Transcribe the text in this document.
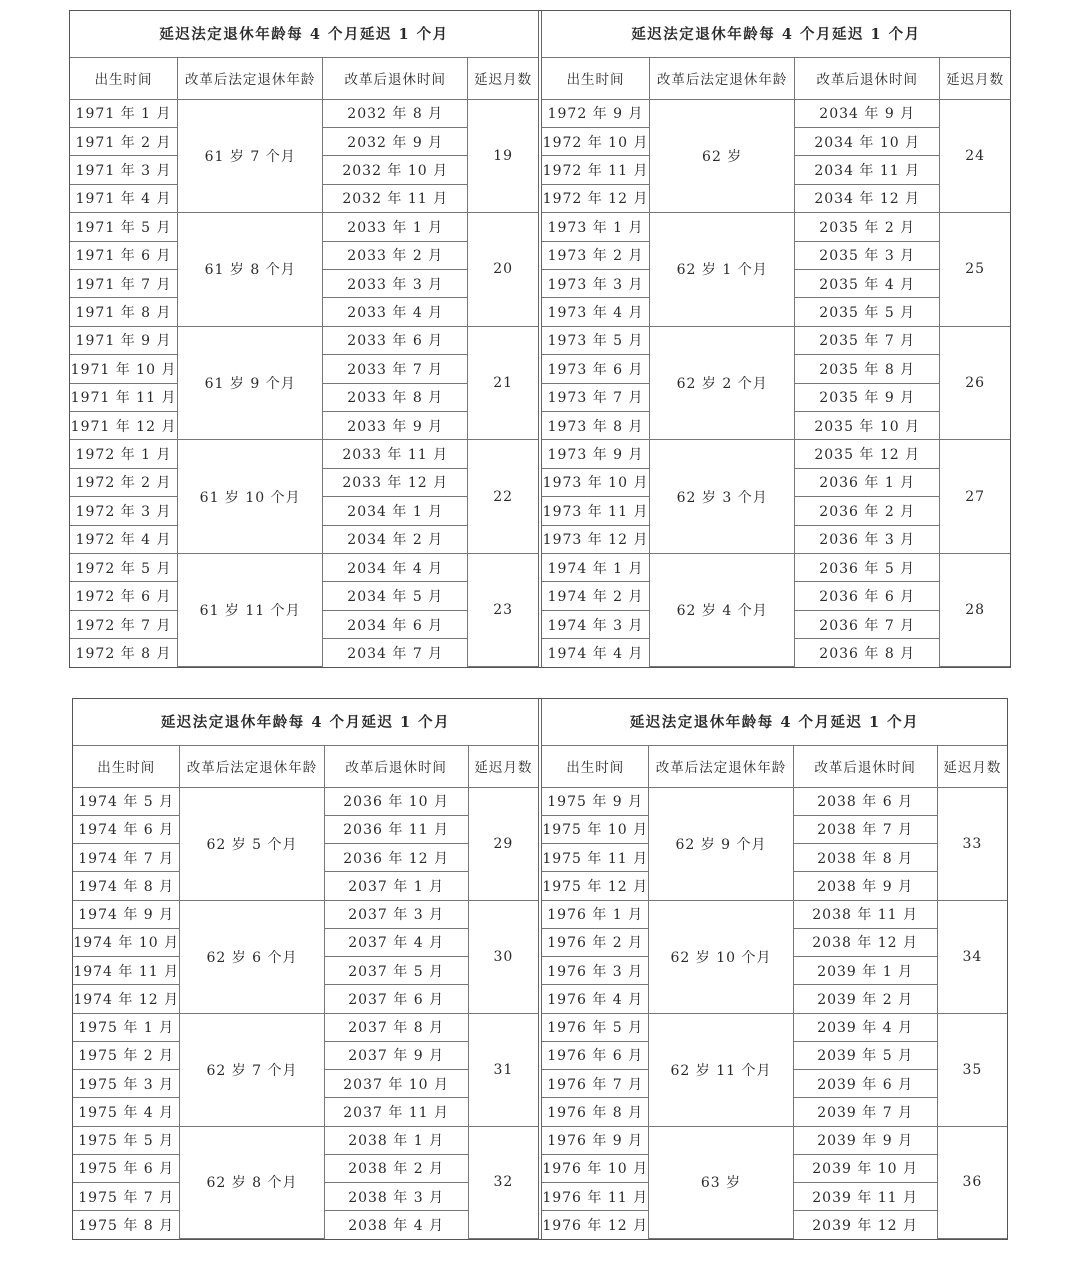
延迟法定退休年龄每 4 个月延迟 1 个月			
出生时间	改革后法定退休年龄	改革后退休时间	延迟月数
1971 年 1 月	61 岁 7 个月	2032 年 8 月	19
1971 年 2 月		2032 年 9 月	
1971 年 3 月		2032 年 10 月	
1971 年 4 月		2032 年 11 月	
1971 年 5 月	61 岁 8 个月	2033 年 1 月	20
1971 年 6 月		2033 年 2 月	
1971 年 7 月		2033 年 3 月	
1971 年 8 月		2033 年 4 月	
1971 年 9 月	61 岁 9 个月	2033 年 6 月	21
1971 年 10 月		2033 年 7 月	
1971 年 11 月		2033 年 8 月	
1971 年 12 月		2033 年 9 月	
1972 年 1 月	61 岁 10 个月	2033 年 11 月	22
1972 年 2 月		2033 年 12 月	
1972 年 3 月		2034 年 1 月	
1972 年 4 月		2034 年 2 月	
1972 年 5 月	61 岁 11 个月	2034 年 4 月	23
1972 年 6 月		2034 年 5 月	
1972 年 7 月		2034 年 6 月	
1972 年 8 月		2034 年 7 月	
延迟法定退休年龄每 4 个月延迟 1 个月			
出生时间	改革后法定退休年龄	改革后退休时间	延迟月数
1972 年 9 月	62 岁	2034 年 9 月	24
1972 年 10 月		2034 年 10 月	
1972 年 11 月		2034 年 11 月	
1972 年 12 月		2034 年 12 月	
1973 年 1 月	62 岁 1 个月	2035 年 2 月	25
1973 年 2 月		2035 年 3 月	
1973 年 3 月		2035 年 4 月	
1973 年 4 月		2035 年 5 月	
1973 年 5 月	62 岁 2 个月	2035 年 7 月	26
1973 年 6 月		2035 年 8 月	
1973 年 7 月		2035 年 9 月	
1973 年 8 月		2035 年 10 月	
1973 年 9 月	62 岁 3 个月	2035 年 12 月	27
1973 年 10 月		2036 年 1 月	
1973 年 11 月		2036 年 2 月	
1973 年 12 月		2036 年 3 月	
1974 年 1 月	62 岁 4 个月	2036 年 5 月	28
1974 年 2 月		2036 年 6 月	
1974 年 3 月		2036 年 7 月	
1974 年 4 月		2036 年 8 月	
延迟法定退休年龄每 4 个月延迟 1 个月			
出生时间	改革后法定退休年龄	改革后退休时间	延迟月数
1974 年 5 月	62 岁 5 个月	2036 年 10 月	29
1974 年 6 月		2036 年 11 月	
1974 年 7 月		2036 年 12 月	
1974 年 8 月		2037 年 1 月	
1974 年 9 月	62 岁 6 个月	2037 年 3 月	30
1974 年 10 月		2037 年 4 月	
1974 年 11 月		2037 年 5 月	
1974 年 12 月		2037 年 6 月	
1975 年 1 月	62 岁 7 个月	2037 年 8 月	31
1975 年 2 月		2037 年 9 月	
1975 年 3 月		2037 年 10 月	
1975 年 4 月		2037 年 11 月	
1975 年 5 月	62 岁 8 个月	2038 年 1 月	32
1975 年 6 月		2038 年 2 月	
1975 年 7 月		2038 年 3 月	
1975 年 8 月		2038 年 4 月	
延迟法定退休年龄每 4 个月延迟 1 个月			
出生时间	改革后法定退休年龄	改革后退休时间	延迟月数
1975 年 9 月	62 岁 9 个月	2038 年 6 月	33
1975 年 10 月		2038 年 7 月	
1975 年 11 月		2038 年 8 月	
1975 年 12 月		2038 年 9 月	
1976 年 1 月	62 岁 10 个月	2038 年 11 月	34
1976 年 2 月		2038 年 12 月	
1976 年 3 月		2039 年 1 月	
1976 年 4 月		2039 年 2 月	
1976 年 5 月	62 岁 11 个月	2039 年 4 月	35
1976 年 6 月		2039 年 5 月	
1976 年 7 月		2039 年 6 月	
1976 年 8 月		2039 年 7 月	
1976 年 9 月	63 岁	2039 年 9 月	36
1976 年 10 月		2039 年 10 月	
1976 年 11 月		2039 年 11 月	
1976 年 12 月		2039 年 12 月	
